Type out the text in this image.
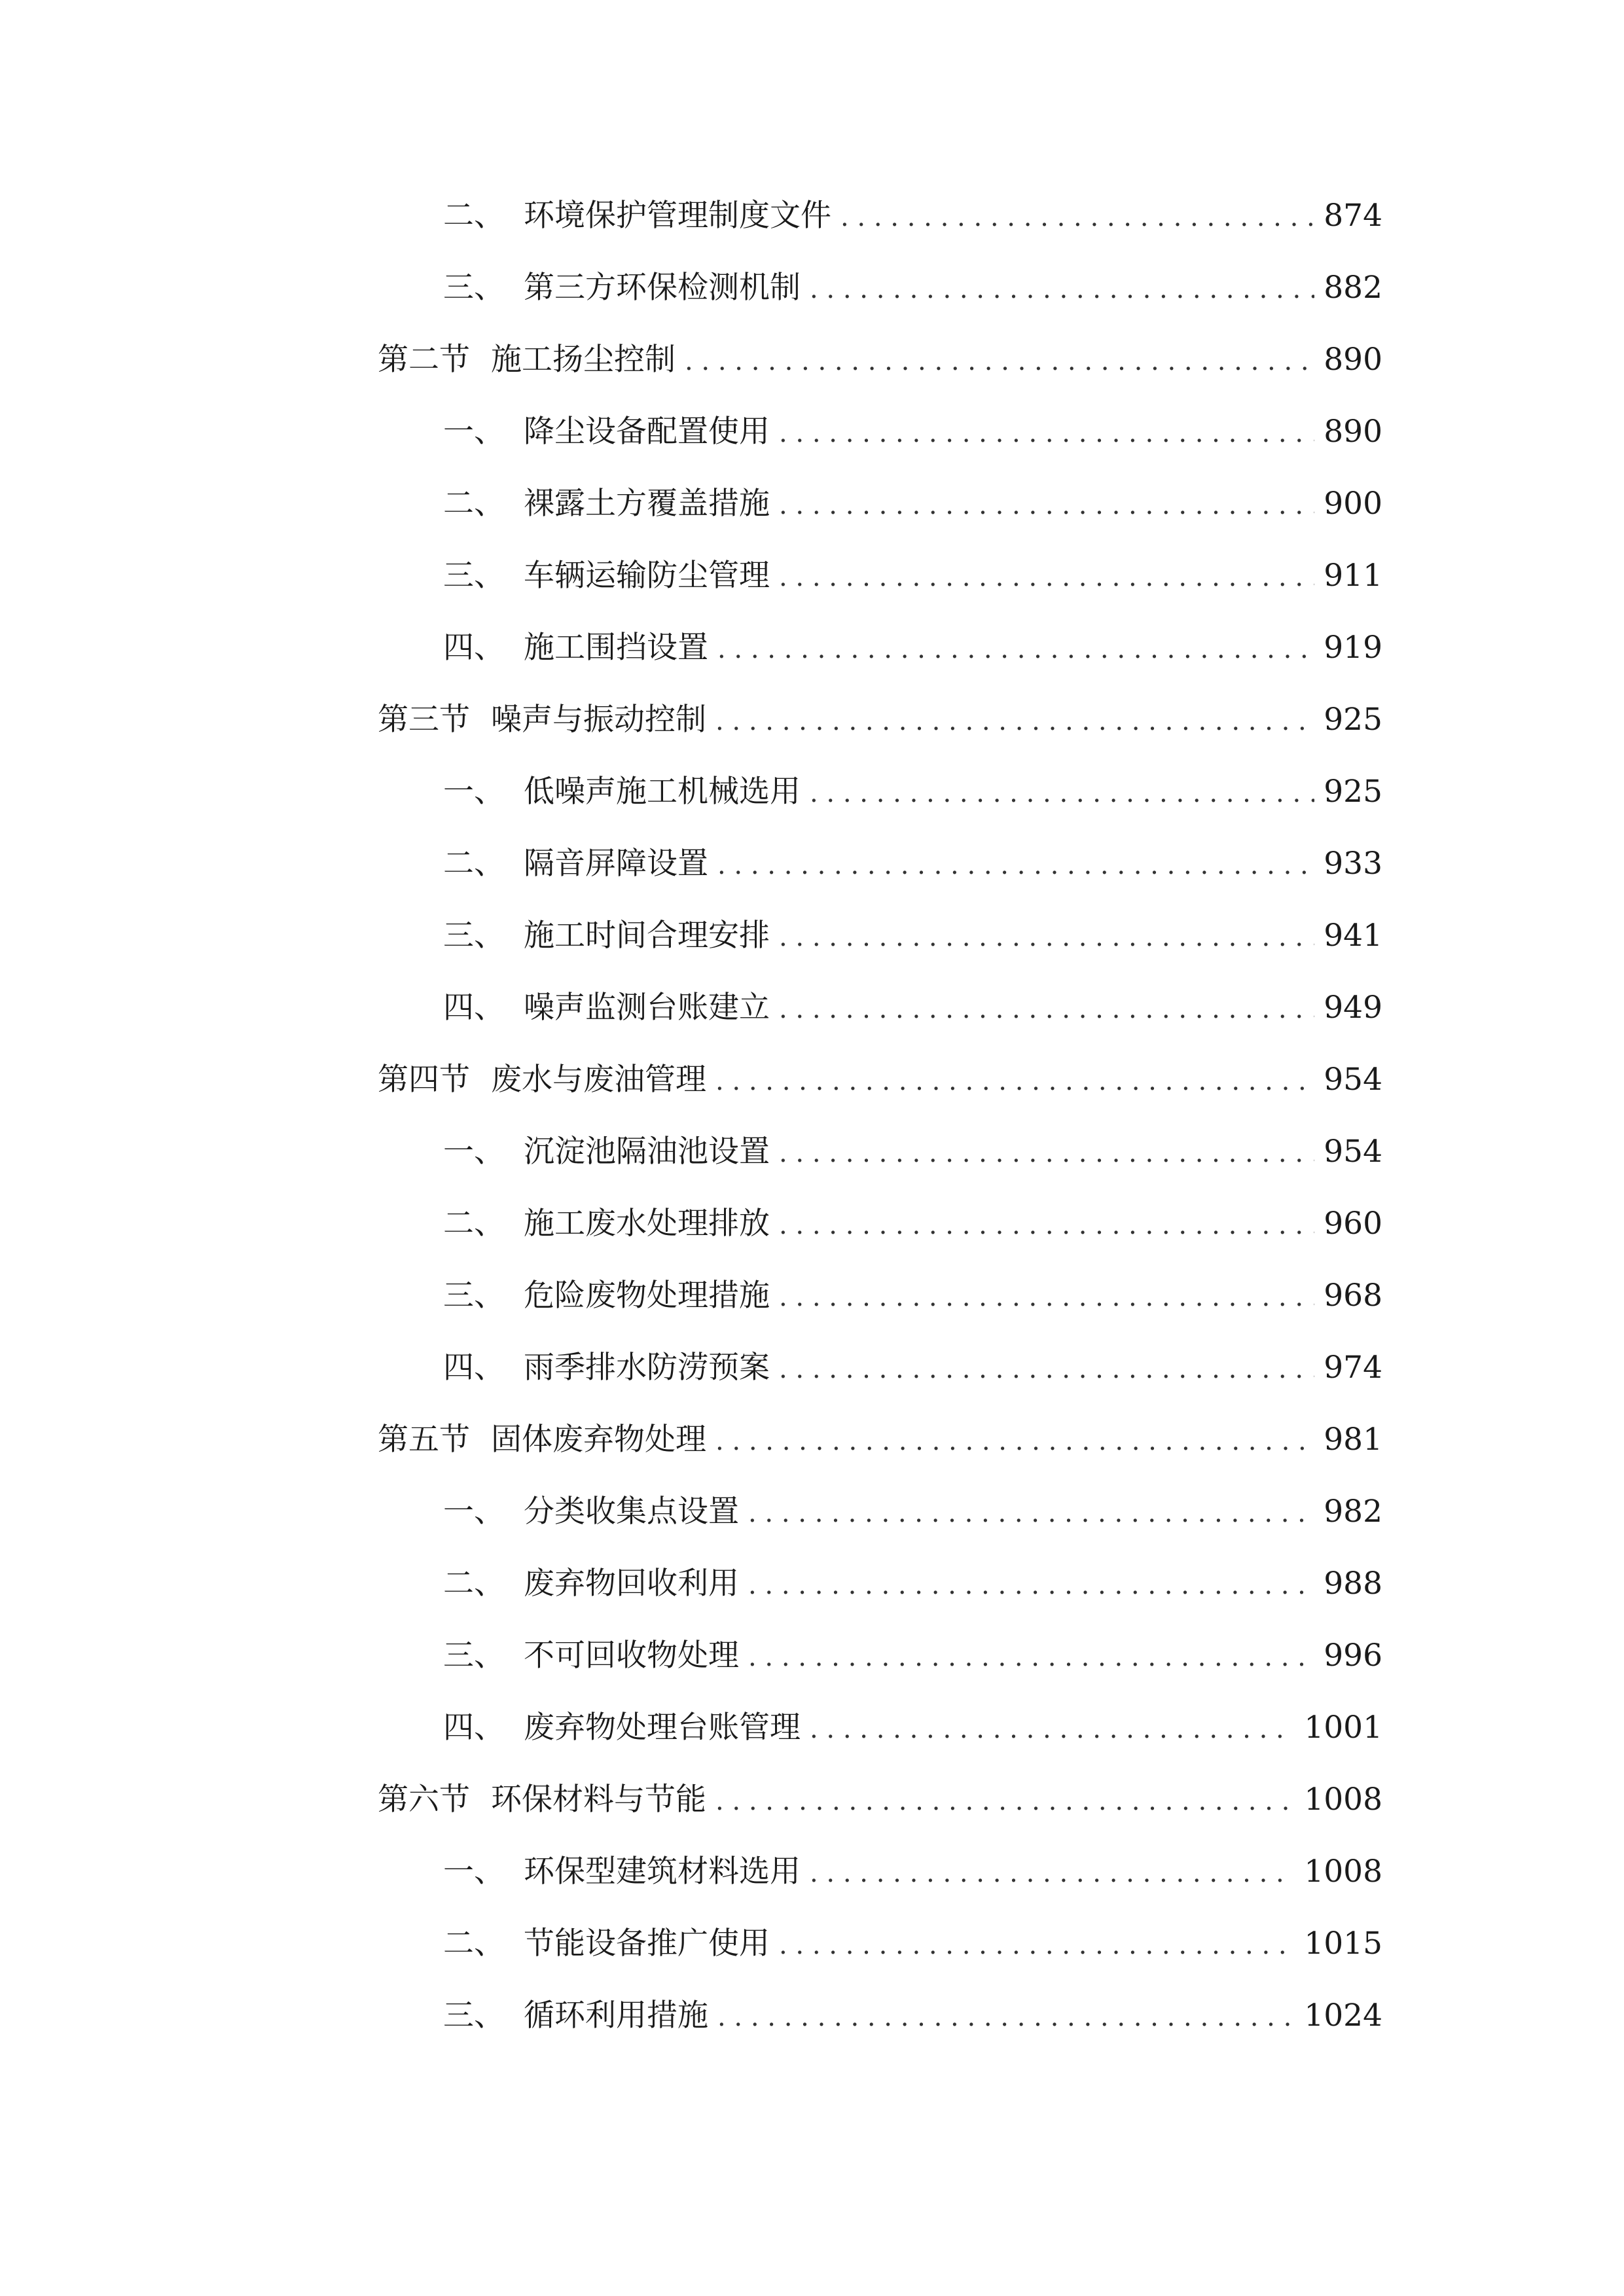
二、 环境保护管理制度文件 . . .	874
三、 第三方环保检测机制 . . .	882
第二节 施工扬尘控制 . . .	890
一、 降尘设备配置使用 . . .	890
二、 裸露土方覆盖措施 . . .	900
三、 车辆运输防尘管理 . . .	911
四、 施工围挡设置 . . .	919
第三节 噪声与振动控制 . . .	925
一、 低噪声施工机械选用 . . .	925
二、 隔音屏障设置 . . .	933
三、 施工时间合理安排 . . .	941
四、 噪声监测台账建立 . . .	949
第四节 废水与废油管理 . . .	954
一、 沉淀池隔油池设置 . . .	954
二、 施工废水处理排放 . . .	960
三、 危险废物处理措施 . . .	968
四、 雨季排水防涝预案 . . .	974
第五节 固体废弃物处理 . . .	981
一、 分类收集点设置 . . .	982
二、 废弃物回收利用 . . .	988
三、 不可回收物处理 . . .	996
四、 废弃物处理台账管理 . . .	1001
第六节 环保材料与节能 . . .	1008
一、 环保型建筑材料选用 . . .	1008
二、 节能设备推广使用 . . .	1015
三、 循环利用措施 . . .	1024
